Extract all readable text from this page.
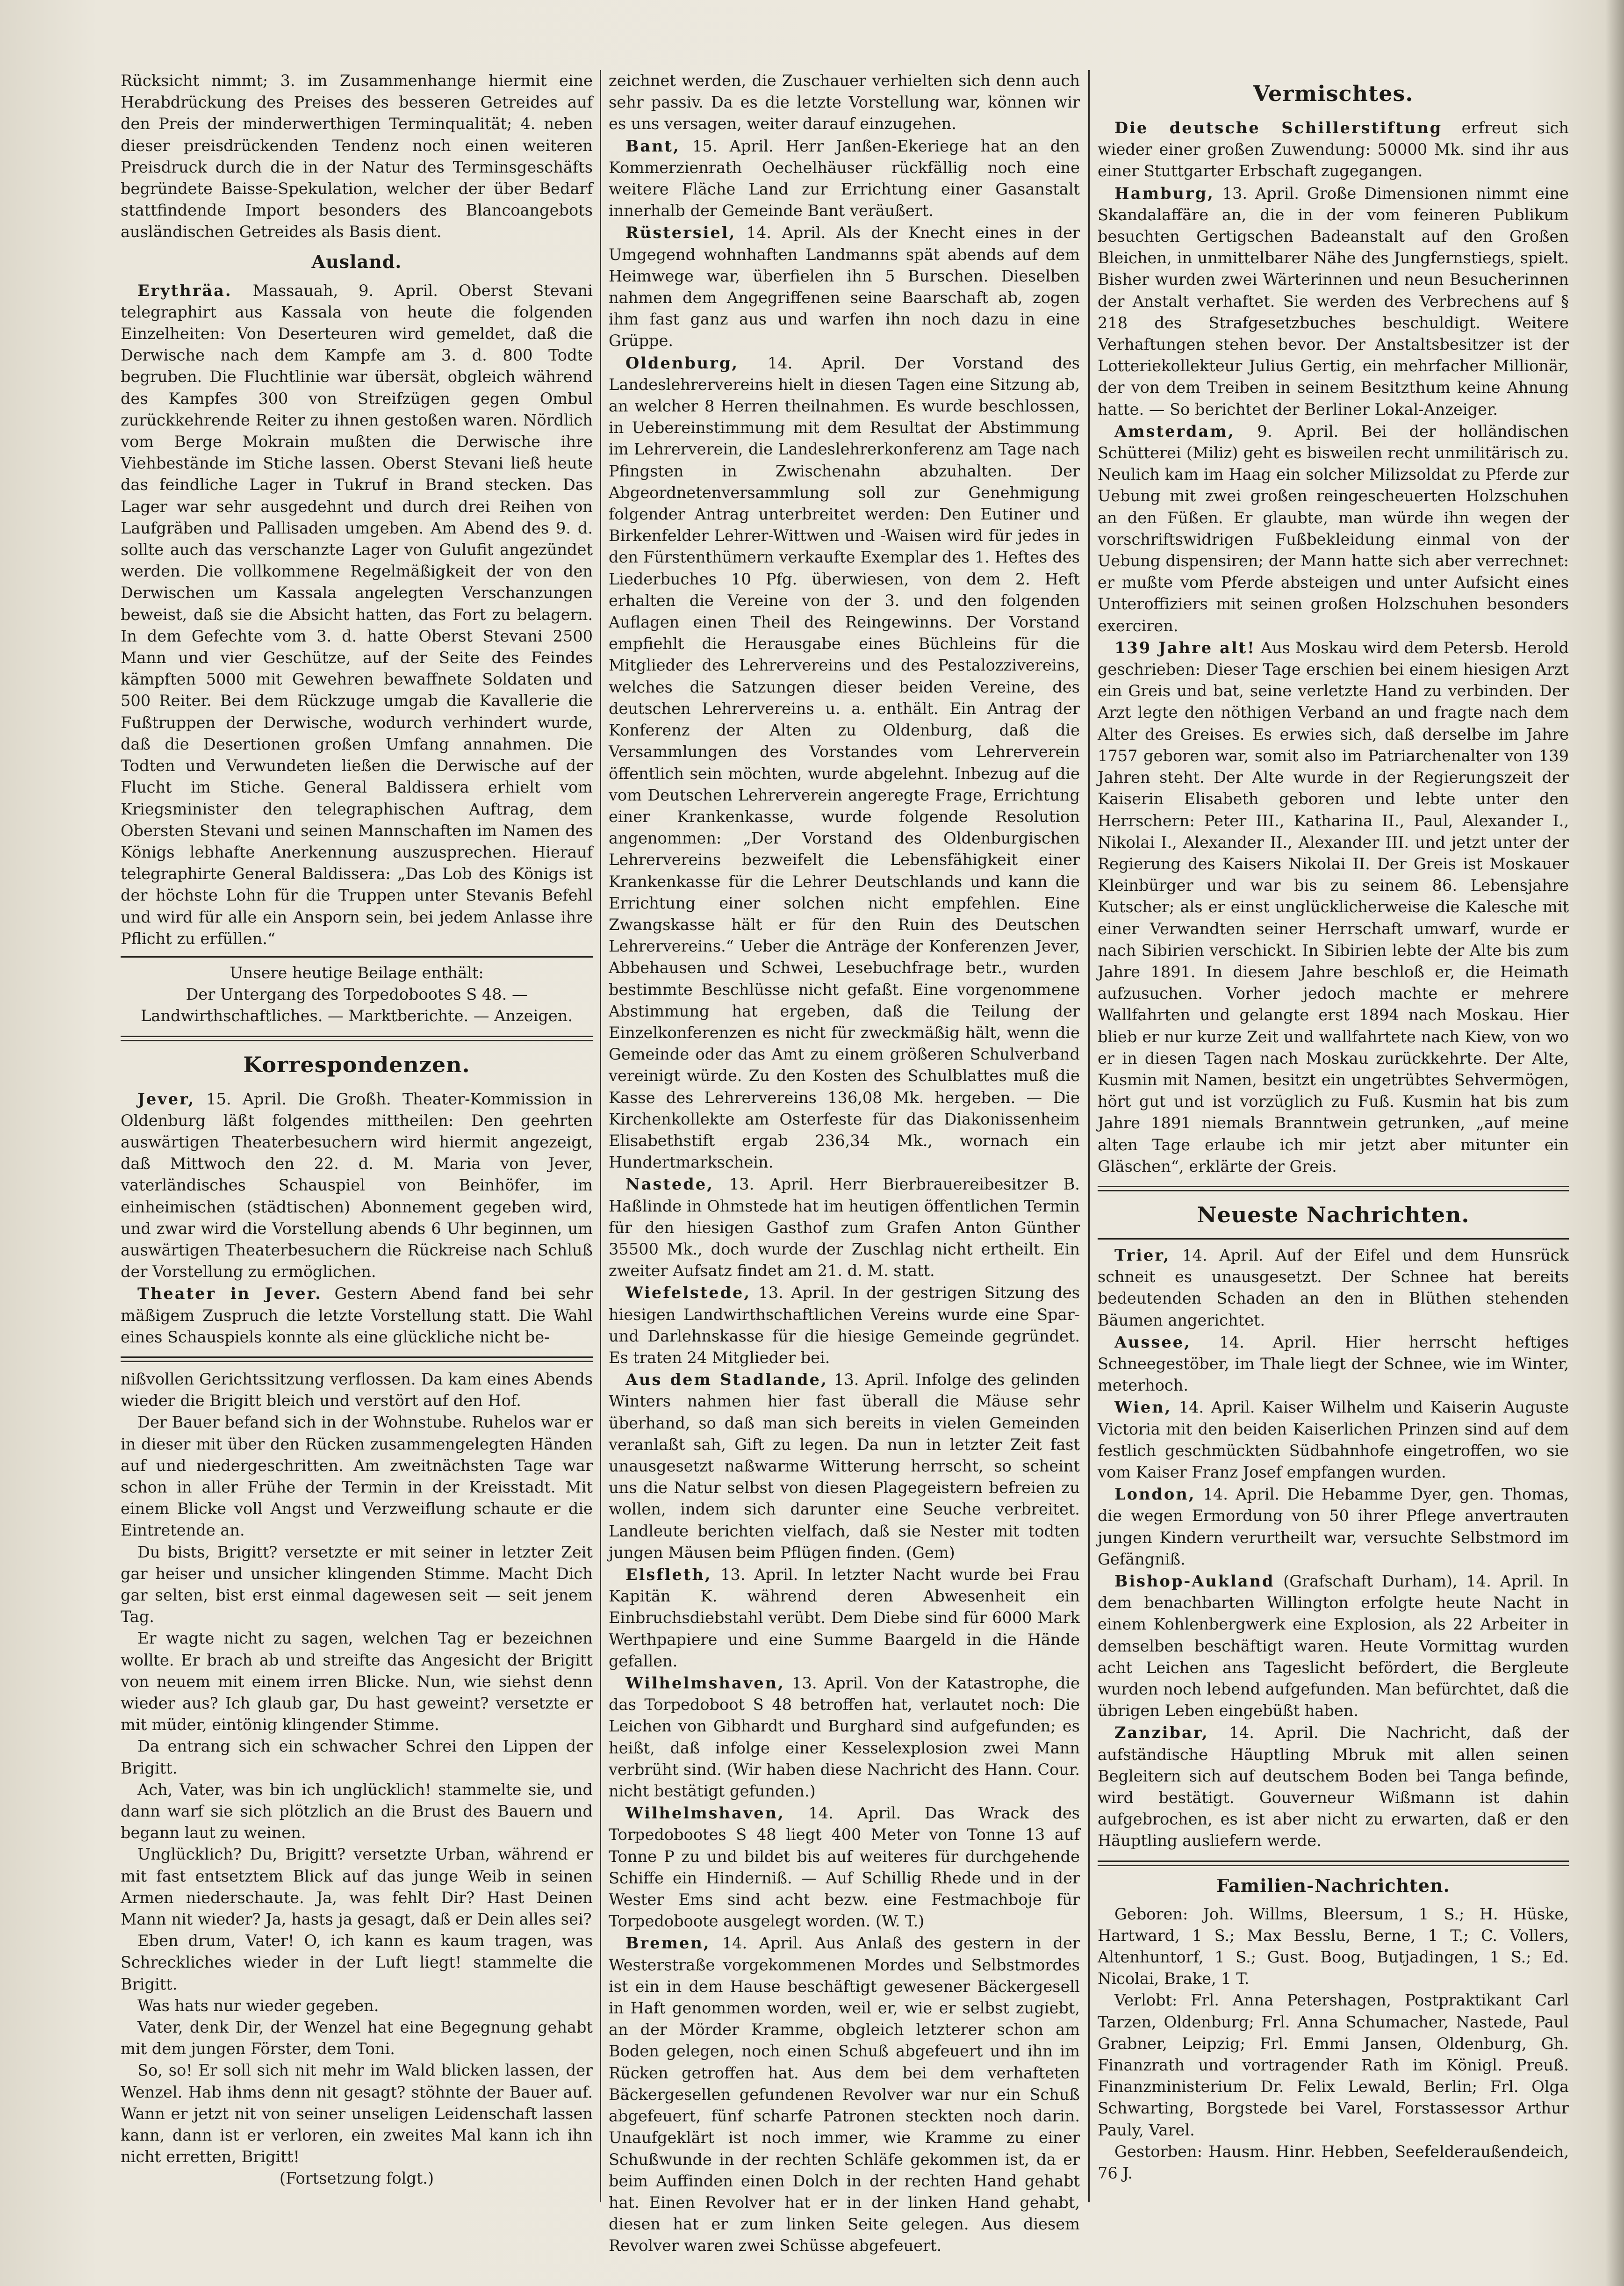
Rücksicht nimmt; 3. im Zusammenhange hiermit eine Herabdrückung des Preises des besseren Getreides auf den Preis der minderwerthigen Terminqualität; 4. neben dieser preisdrückenden Tendenz noch einen weiteren Preisdruck durch die in der Natur des Terminsgeschäfts begründete Baisse-Spekulation, welcher der über Bedarf stattfindende Import besonders des Blancoangebots ausländischen Getreides als Basis dient.

Ausland.

Erythräa. Massauah, 9. April. Oberst Stevani telegraphirt aus Kassala von heute die folgenden Einzelheiten: Von Deserteuren wird gemeldet, daß die Derwische nach dem Kampfe am 3. d. 800 Todte begruben. Die Fluchtlinie war übersät, obgleich während des Kampfes 300 von Streifzügen gegen Ombul zurückkehrende Reiter zu ihnen gestoßen waren. Nördlich vom Berge Mokrain mußten die Derwische ihre Viehbestände im Stiche lassen. Oberst Stevani ließ heute das feindliche Lager in Tukruf in Brand stecken. Das Lager war sehr ausgedehnt und durch drei Reihen von Laufgräben und Pallisaden umgeben. Am Abend des 9. d. sollte auch das verschanzte Lager von Gulufit angezündet werden. Die vollkommene Regelmäßigkeit der von den Derwischen um Kassala angelegten Verschanzungen beweist, daß sie die Absicht hatten, das Fort zu belagern. In dem Gefechte vom 3. d. hatte Oberst Stevani 2500 Mann und vier Geschütze, auf der Seite des Feindes kämpften 5000 mit Gewehren bewaffnete Soldaten und 500 Reiter. Bei dem Rückzuge umgab die Kavallerie die Fußtruppen der Derwische, wodurch verhindert wurde, daß die Desertionen großen Umfang annahmen. Die Todten und Verwundeten ließen die Derwische auf der Flucht im Stiche. General Baldissera erhielt vom Kriegsminister den telegraphischen Auftrag, dem Obersten Stevani und seinen Mannschaften im Namen des Königs lebhafte Anerkennung auszusprechen. Hierauf telegraphirte General Baldissera: „Das Lob des Königs ist der höchste Lohn für die Truppen unter Stevanis Befehl und wird für alle ein Ansporn sein, bei jedem Anlasse ihre Pflicht zu erfüllen.“

Unsere heutige Beilage enthält:

Der Untergang des Torpedobootes S 48. — Landwirthschaftliches. — Marktberichte. — Anzeigen.

Korrespondenzen.

Jever, 15. April. Die Großh. Theater-Kommission in Oldenburg läßt folgendes mittheilen: Den geehrten auswärtigen Theaterbesuchern wird hiermit angezeigt, daß Mittwoch den 22. d. M. Maria von Jever, vaterländisches Schauspiel von Beinhöfer, im einheimischen (städtischen) Abonnement gegeben wird, und zwar wird die Vorstellung abends 6 Uhr beginnen, um auswärtigen Theaterbesuchern die Rückreise nach Schluß der Vorstellung zu ermöglichen.

Theater in Jever. Gestern Abend fand bei sehr mäßigem Zuspruch die letzte Vorstellung statt. Die Wahl eines Schauspiels konnte als eine glückliche nicht be-

nißvollen Gerichtssitzung verflossen. Da kam eines Abends wieder die Brigitt bleich und verstört auf den Hof.

Der Bauer befand sich in der Wohnstube. Ruhelos war er in dieser mit über den Rücken zusammengelegten Händen auf und niedergeschritten. Am zweitnächsten Tage war schon in aller Frühe der Termin in der Kreisstadt. Mit einem Blicke voll Angst und Verzweiflung schaute er die Eintretende an.

Du bists, Brigitt? versetzte er mit seiner in letzter Zeit gar heiser und unsicher klingenden Stimme. Macht Dich gar selten, bist erst einmal dagewesen seit — seit jenem Tag.

Er wagte nicht zu sagen, welchen Tag er bezeichnen wollte. Er brach ab und streifte das Angesicht der Brigitt von neuem mit einem irren Blicke. Nun, wie siehst denn wieder aus? Ich glaub gar, Du hast geweint? versetzte er mit müder, eintönig klingender Stimme.

Da entrang sich ein schwacher Schrei den Lippen der Brigitt.

Ach, Vater, was bin ich unglücklich! stammelte sie, und dann warf sie sich plötzlich an die Brust des Bauern und begann laut zu weinen.

Unglücklich? Du, Brigitt? versetzte Urban, während er mit fast entsetztem Blick auf das junge Weib in seinen Armen niederschaute. Ja, was fehlt Dir? Hast Deinen Mann nit wieder? Ja, hasts ja gesagt, daß er Dein alles sei?

Eben drum, Vater! O, ich kann es kaum tragen, was Schreckliches wieder in der Luft liegt! stammelte die Brigitt.

Was hats nur wieder gegeben.

Vater, denk Dir, der Wenzel hat eine Begegnung gehabt mit dem jungen Förster, dem Toni.

So, so! Er soll sich nit mehr im Wald blicken lassen, der Wenzel. Hab ihms denn nit gesagt? stöhnte der Bauer auf. Wann er jetzt nit von seiner unseligen Leidenschaft lassen kann, dann ist er verloren, ein zweites Mal kann ich ihn nicht erretten, Brigitt!

(Fortsetzung folgt.)

zeichnet werden, die Zuschauer verhielten sich denn auch sehr passiv. Da es die letzte Vorstellung war, können wir es uns versagen, weiter darauf einzugehen.

Bant, 15. April. Herr Janßen-Ekeriege hat an den Kommerzienrath Oechelhäuser rückfällig noch eine weitere Fläche Land zur Errichtung einer Gasanstalt innerhalb der Gemeinde Bant veräußert.

Rüstersiel, 14. April. Als der Knecht eines in der Umgegend wohnhaften Landmanns spät abends auf dem Heimwege war, überfielen ihn 5 Burschen. Dieselben nahmen dem Angegriffenen seine Baarschaft ab, zogen ihm fast ganz aus und warfen ihn noch dazu in eine Grüppe.

Oldenburg, 14. April. Der Vorstand des Landeslehrervereins hielt in diesen Tagen eine Sitzung ab, an welcher 8 Herren theilnahmen. Es wurde beschlossen, in Uebereinstimmung mit dem Resultat der Abstimmung im Lehrerverein, die Landeslehrerkonferenz am Tage nach Pfingsten in Zwischenahn abzuhalten. Der Abgeordnetenversammlung soll zur Genehmigung folgender Antrag unterbreitet werden: Den Eutiner und Birkenfelder Lehrer-Wittwen und -Waisen wird für jedes in den Fürstenthümern verkaufte Exemplar des 1. Heftes des Liederbuches 10 Pfg. überwiesen, von dem 2. Heft erhalten die Vereine von der 3. und den folgenden Auflagen einen Theil des Reingewinns. Der Vorstand empfiehlt die Herausgabe eines Büchleins für die Mitglieder des Lehrervereins und des Pestalozzivereins, welches die Satzungen dieser beiden Vereine, des deutschen Lehrervereins u. a. enthält. Ein Antrag der Konferenz der Alten zu Oldenburg, daß die Versammlungen des Vorstandes vom Lehrerverein öffentlich sein möchten, wurde abgelehnt. Inbezug auf die vom Deutschen Lehrerverein angeregte Frage, Errichtung einer Krankenkasse, wurde folgende Resolution angenommen: „Der Vorstand des Oldenburgischen Lehrervereins bezweifelt die Lebensfähigkeit einer Krankenkasse für die Lehrer Deutschlands und kann die Errichtung einer solchen nicht empfehlen. Eine Zwangskasse hält er für den Ruin des Deutschen Lehrervereins.“ Ueber die Anträge der Konferenzen Jever, Abbehausen und Schwei, Lesebuchfrage betr., wurden bestimmte Beschlüsse nicht gefaßt. Eine vorgenommene Abstimmung hat ergeben, daß die Teilung der Einzelkonferenzen es nicht für zweckmäßig hält, wenn die Gemeinde oder das Amt zu einem größeren Schulverband vereinigt würde. Zu den Kosten des Schulblattes muß die Kasse des Lehrervereins 136,08 Mk. hergeben. — Die Kirchenkollekte am Osterfeste für das Diakonissenheim Elisabethstift ergab 236,34 Mk., wornach ein Hundertmarkschein.

Nastede, 13. April. Herr Bierbrauereibesitzer B. Haßlinde in Ohmstede hat im heutigen öffentlichen Termin für den hiesigen Gasthof zum Grafen Anton Günther 35500 Mk., doch wurde der Zuschlag nicht ertheilt. Ein zweiter Aufsatz findet am 21. d. M. statt.

Wiefelstede, 13. April. In der gestrigen Sitzung des hiesigen Landwirthschaftlichen Vereins wurde eine Spar- und Darlehnskasse für die hiesige Gemeinde gegründet. Es traten 24 Mitglieder bei.

Aus dem Stadlande, 13. April. Infolge des gelinden Winters nahmen hier fast überall die Mäuse sehr überhand, so daß man sich bereits in vielen Gemeinden veranlaßt sah, Gift zu legen. Da nun in letzter Zeit fast unausgesetzt naßwarme Witterung herrscht, so scheint uns die Natur selbst von diesen Plagegeistern befreien zu wollen, indem sich darunter eine Seuche verbreitet. Landleute berichten vielfach, daß sie Nester mit todten jungen Mäusen beim Pflügen finden. (Gem)

Elsfleth, 13. April. In letzter Nacht wurde bei Frau Kapitän K. während deren Abwesenheit ein Einbruchsdiebstahl verübt. Dem Diebe sind für 6000 Mark Werthpapiere und eine Summe Baargeld in die Hände gefallen.

Wilhelmshaven, 13. April. Von der Katastrophe, die das Torpedoboot S 48 betroffen hat, verlautet noch: Die Leichen von Gibhardt und Burghard sind aufgefunden; es heißt, daß infolge einer Kesselexplosion zwei Mann verbrüht sind. (Wir haben diese Nachricht des Hann. Cour. nicht bestätigt gefunden.)

Wilhelmshaven, 14. April. Das Wrack des Torpedobootes S 48 liegt 400 Meter von Tonne 13 auf Tonne P zu und bildet bis auf weiteres für durchgehende Schiffe ein Hinderniß. — Auf Schillig Rhede und in der Wester Ems sind acht bezw. eine Festmachboje für Torpedoboote ausgelegt worden. (W. T.)

Bremen, 14. April. Aus Anlaß des gestern in der Westerstraße vorgekommenen Mordes und Selbstmordes ist ein in dem Hause beschäftigt gewesener Bäckergesell in Haft genommen worden, weil er, wie er selbst zugiebt, an der Mörder Kramme, obgleich letzterer schon am Boden gelegen, noch einen Schuß abgefeuert und ihn im Rücken getroffen hat. Aus dem bei dem verhafteten Bäckergesellen gefundenen Revolver war nur ein Schuß abgefeuert, fünf scharfe Patronen steckten noch darin. Unaufgeklärt ist noch immer, wie Kramme zu einer Schußwunde in der rechten Schläfe gekommen ist, da er beim Auffinden einen Dolch in der rechten Hand gehabt hat. Einen Revolver hat er in der linken Hand gehabt, diesen hat er zum linken Seite gelegen. Aus diesem Revolver waren zwei Schüsse abgefeuert.

Vermischtes.

Die deutsche Schillerstiftung erfreut sich wieder einer großen Zuwendung: 50000 Mk. sind ihr aus einer Stuttgarter Erbschaft zugegangen.

Hamburg, 13. April. Große Dimensionen nimmt eine Skandalaffäre an, die in der vom feineren Publikum besuchten Gertigschen Badeanstalt auf den Großen Bleichen, in unmittelbarer Nähe des Jungfernstiegs, spielt. Bisher wurden zwei Wärterinnen und neun Besucherinnen der Anstalt verhaftet. Sie werden des Verbrechens auf § 218 des Strafgesetzbuches beschuldigt. Weitere Verhaftungen stehen bevor. Der Anstaltsbesitzer ist der Lotteriekollekteur Julius Gertig, ein mehrfacher Millionär, der von dem Treiben in seinem Besitzthum keine Ahnung hatte. — So berichtet der Berliner Lokal-Anzeiger.

Amsterdam, 9. April. Bei der holländischen Schütterei (Miliz) geht es bisweilen recht unmilitärisch zu. Neulich kam im Haag ein solcher Milizsoldat zu Pferde zur Uebung mit zwei großen reingescheuerten Holzschuhen an den Füßen. Er glaubte, man würde ihn wegen der vorschriftswidrigen Fußbekleidung einmal von der Uebung dispensiren; der Mann hatte sich aber verrechnet: er mußte vom Pferde absteigen und unter Aufsicht eines Unteroffiziers mit seinen großen Holzschuhen besonders exerciren.

139 Jahre alt! Aus Moskau wird dem Petersb. Herold geschrieben: Dieser Tage erschien bei einem hiesigen Arzt ein Greis und bat, seine verletzte Hand zu verbinden. Der Arzt legte den nöthigen Verband an und fragte nach dem Alter des Greises. Es erwies sich, daß derselbe im Jahre 1757 geboren war, somit also im Patriarchenalter von 139 Jahren steht. Der Alte wurde in der Regierungszeit der Kaiserin Elisabeth geboren und lebte unter den Herrschern: Peter III., Katharina II., Paul, Alexander I., Nikolai I., Alexander II., Alexander III. und jetzt unter der Regierung des Kaisers Nikolai II. Der Greis ist Moskauer Kleinbürger und war bis zu seinem 86. Lebensjahre Kutscher; als er einst unglücklicherweise die Kalesche mit einer Verwandten seiner Herrschaft umwarf, wurde er nach Sibirien verschickt. In Sibirien lebte der Alte bis zum Jahre 1891. In diesem Jahre beschloß er, die Heimath aufzusuchen. Vorher jedoch machte er mehrere Wallfahrten und gelangte erst 1894 nach Moskau. Hier blieb er nur kurze Zeit und wallfahrtete nach Kiew, von wo er in diesen Tagen nach Moskau zurückkehrte. Der Alte, Kusmin mit Namen, besitzt ein ungetrübtes Sehvermögen, hört gut und ist vorzüglich zu Fuß. Kusmin hat bis zum Jahre 1891 niemals Branntwein getrunken, „auf meine alten Tage erlaube ich mir jetzt aber mitunter ein Gläschen“, erklärte der Greis.

Neueste Nachrichten.

Trier, 14. April. Auf der Eifel und dem Hunsrück schneit es unausgesetzt. Der Schnee hat bereits bedeutenden Schaden an den in Blüthen stehenden Bäumen angerichtet.

Aussee, 14. April. Hier herrscht heftiges Schneegestöber, im Thale liegt der Schnee, wie im Winter, meterhoch.

Wien, 14. April. Kaiser Wilhelm und Kaiserin Auguste Victoria mit den beiden Kaiserlichen Prinzen sind auf dem festlich geschmückten Südbahnhofe eingetroffen, wo sie vom Kaiser Franz Josef empfangen wurden.

London, 14. April. Die Hebamme Dyer, gen. Thomas, die wegen Ermordung von 50 ihrer Pflege anvertrauten jungen Kindern verurtheilt war, versuchte Selbstmord im Gefängniß.

Bishop-Aukland (Grafschaft Durham), 14. April. In dem benachbarten Willington erfolgte heute Nacht in einem Kohlenbergwerk eine Explosion, als 22 Arbeiter in demselben beschäftigt waren. Heute Vormittag wurden acht Leichen ans Tageslicht befördert, die Bergleute wurden noch lebend aufgefunden. Man befürchtet, daß die übrigen Leben eingebüßt haben.

Zanzibar, 14. April. Die Nachricht, daß der aufständische Häuptling Mbruk mit allen seinen Begleitern sich auf deutschem Boden bei Tanga befinde, wird bestätigt. Gouverneur Wißmann ist dahin aufgebrochen, es ist aber nicht zu erwarten, daß er den Häuptling ausliefern werde.

Familien-Nachrichten.

Geboren: Joh. Willms, Bleersum, 1 S.; H. Hüske, Hartward, 1 S.; Max Besslu, Berne, 1 T.; C. Vollers, Altenhuntorf, 1 S.; Gust. Boog, Butjadingen, 1 S.; Ed. Nicolai, Brake, 1 T.

Verlobt: Frl. Anna Petershagen, Postpraktikant Carl Tarzen, Oldenburg; Frl. Anna Schumacher, Nastede, Paul Grabner, Leipzig; Frl. Emmi Jansen, Oldenburg, Gh. Finanzrath und vortragender Rath im Königl. Preuß. Finanzministerium Dr. Felix Lewald, Berlin; Frl. Olga Schwarting, Borgstede bei Varel, Forstassessor Arthur Pauly, Varel.

Gestorben: Hausm. Hinr. Hebben, Seefelderaußendeich, 76 J.
